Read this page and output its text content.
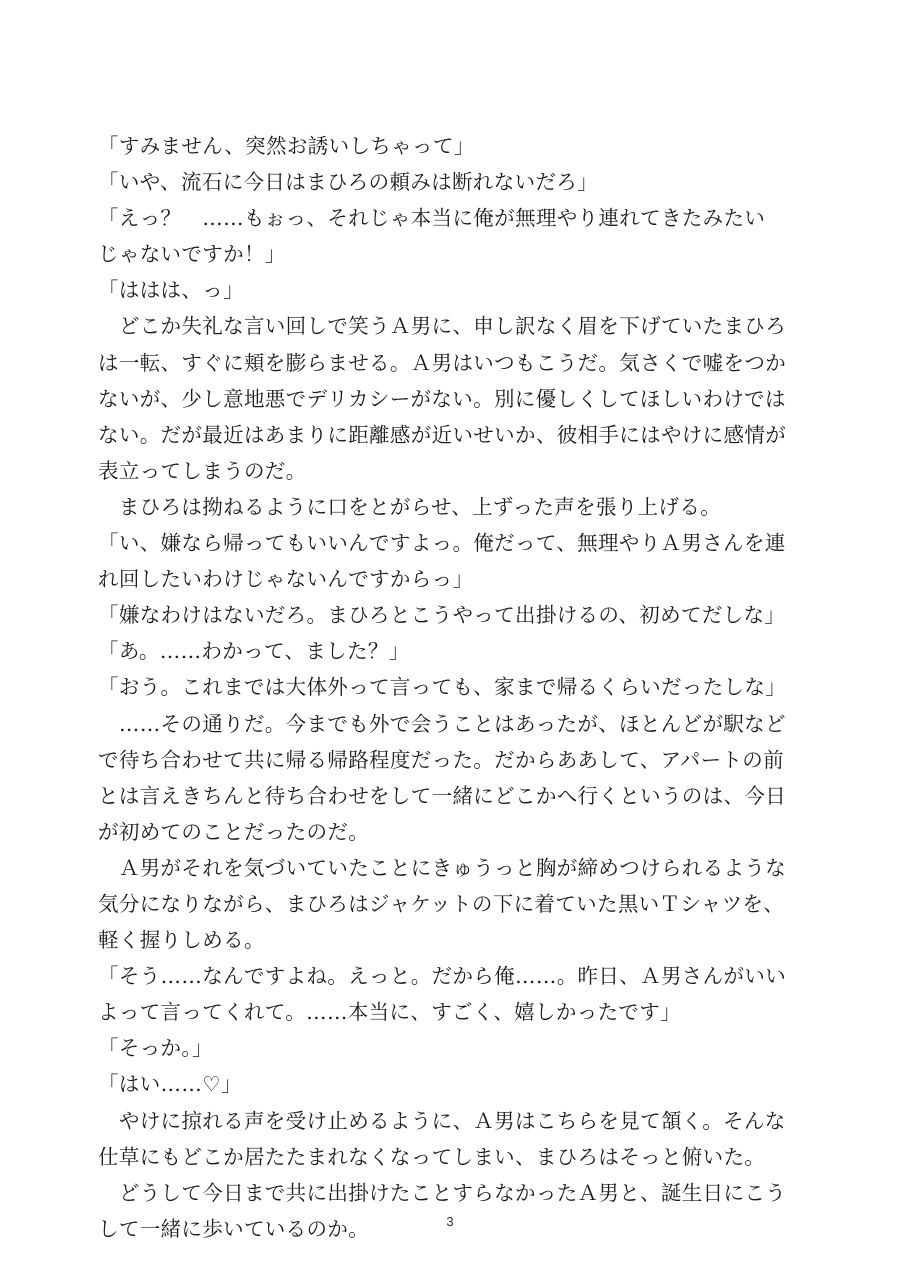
「すみません、突然お誘いしちゃって」
「いや、流石に今日はまひろの頼みは断れないだろ」
「えっ？　……もぉっ、それじゃ本当に俺が無理やり連れてきたみたい
じゃないですか！」
「ははは、っ」
　どこか失礼な言い回しで笑うＡ男に、申し訳なく眉を下げていたまひろ
は一転、すぐに頬を膨らませる。Ａ男はいつもこうだ。気さくで嘘をつか
ないが、少し意地悪でデリカシーがない。別に優しくしてほしいわけでは
ない。だが最近はあまりに距離感が近いせいか、彼相手にはやけに感情が
表立ってしまうのだ。
　まひろは拗ねるように口をとがらせ、上ずった声を張り上げる。
「い、嫌なら帰ってもいいんですよっ。俺だって、無理やりＡ男さんを連
れ回したいわけじゃないんですからっ」
「嫌なわけはないだろ。まひろとこうやって出掛けるの、初めてだしな」
「あ。……わかって、ました？」
「おう。これまでは大体外って言っても、家まで帰るくらいだったしな」
　……その通りだ。今までも外で会うことはあったが、ほとんどが駅など
で待ち合わせて共に帰る帰路程度だった。だからああして、アパートの前
とは言えきちんと待ち合わせをして一緒にどこかへ行くというのは、今日
が初めてのことだったのだ。
　Ａ男がそれを気づいていたことにきゅうっと胸が締めつけられるような
気分になりながら、まひろはジャケットの下に着ていた黒いＴシャツを、
軽く握りしめる。
「そう……なんですよね。えっと。だから俺……。昨日、Ａ男さんがいい
よって言ってくれて。……本当に、すごく、嬉しかったです」
「そっか。」
「はい……♡」
　やけに掠れる声を受け止めるように、Ａ男はこちらを見て頷く。そんな
仕草にもどこか居たたまれなくなってしまい、まひろはそっと俯いた。
　どうして今日まで共に出掛けたことすらなかったＡ男と、誕生日にこう
して一緒に歩いているのか。	3
